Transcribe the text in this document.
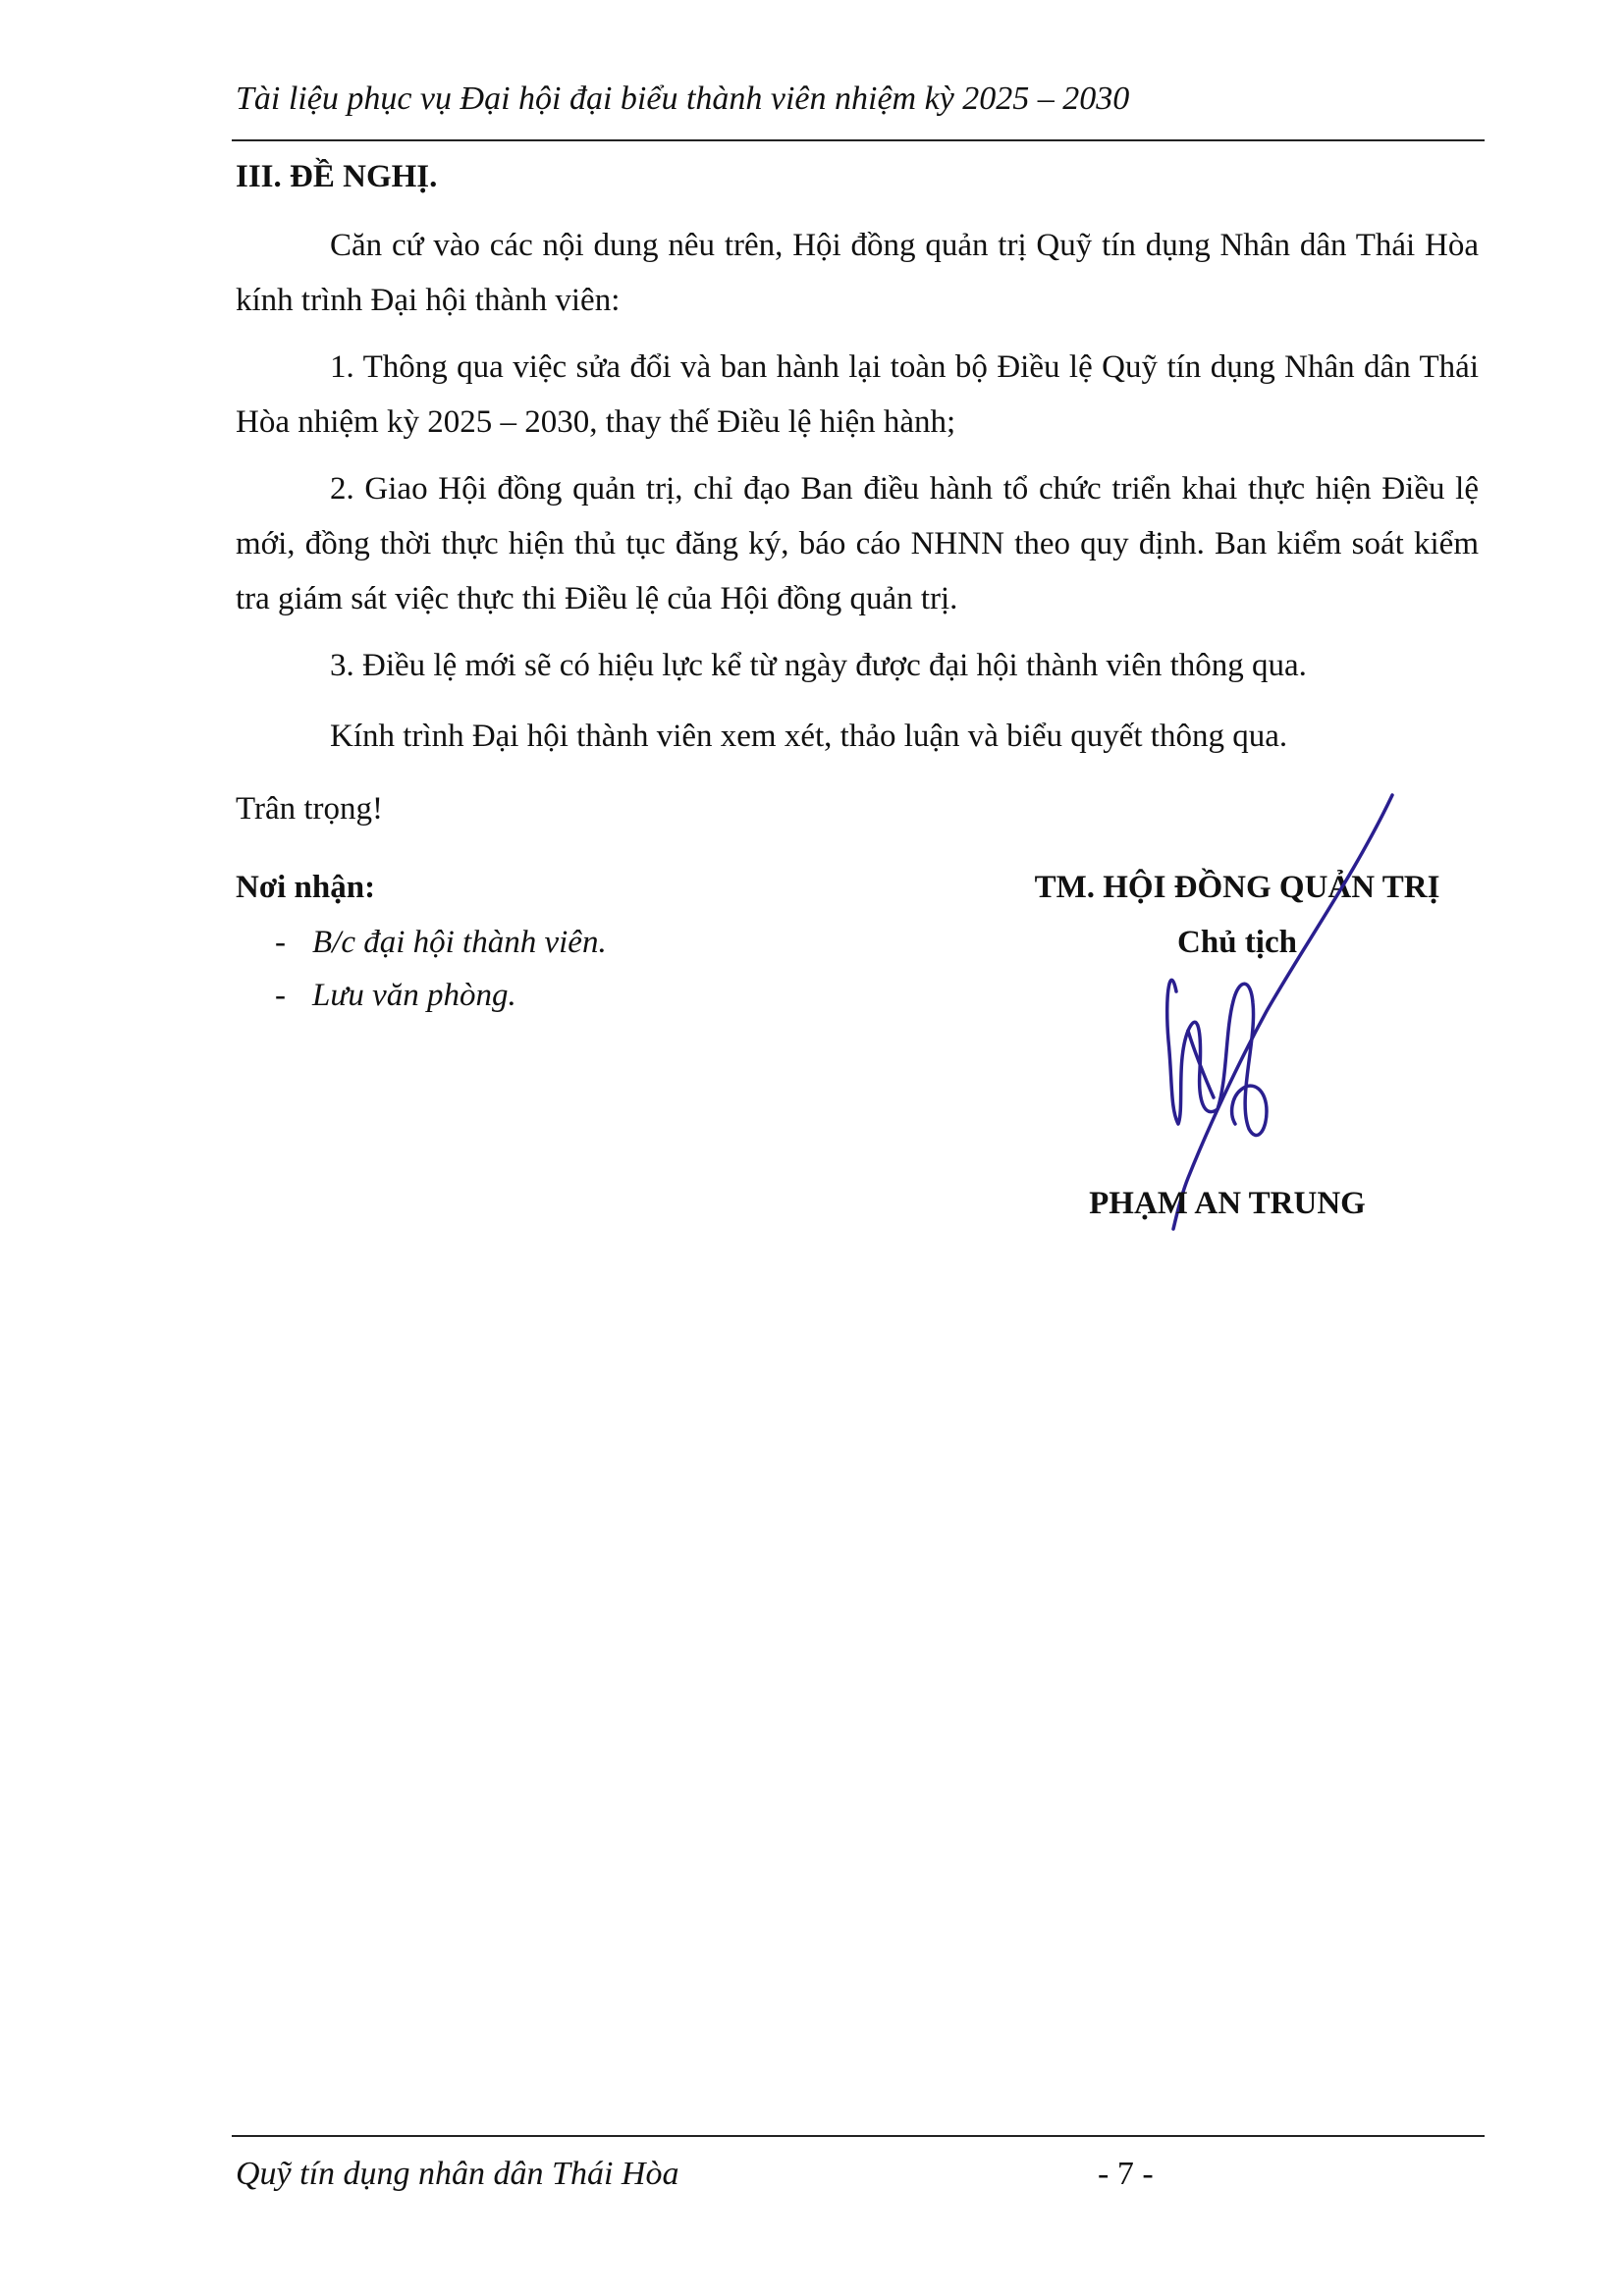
Tài liệu phục vụ Đại hội đại biểu thành viên nhiệm kỳ 2025 – 2030
III. ĐỀ NGHỊ.

Căn cứ vào các nội dung nêu trên, Hội đồng quản trị Quỹ tín dụng Nhân dân Thái Hòa kính trình Đại hội thành viên:

1. Thông qua việc sửa đổi và ban hành lại toàn bộ Điều lệ Quỹ tín dụng Nhân dân Thái Hòa nhiệm kỳ 2025 – 2030, thay thế Điều lệ hiện hành;

2. Giao Hội đồng quản trị, chỉ đạo Ban điều hành tổ chức triển khai thực hiện Điều lệ mới, đồng thời thực hiện thủ tục đăng ký, báo cáo NHNN theo quy định. Ban kiểm soát kiểm tra giám sát việc thực thi Điều lệ của Hội đồng quản trị.

3. Điều lệ mới sẽ có hiệu lực kể từ ngày được đại hội thành viên thông qua.

Kính trình Đại hội thành viên xem xét, thảo luận và biểu quyết thông qua.

Trân trọng!
Nơi nhận:
- B/c đại hội thành viên.
- Lưu văn phòng.
TM. HỘI ĐỒNG QUẢN TRỊ
Chủ tịch
PHẠM AN TRUNG
Quỹ tín dụng nhân dân Thái Hòa	- 7 -
